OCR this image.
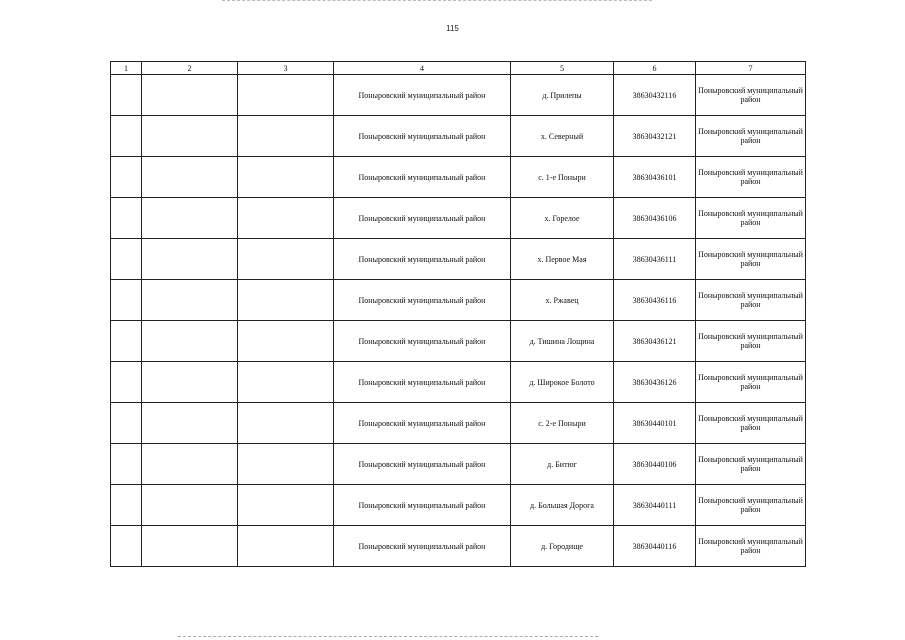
115
1	2	3	4	5	6	7
			Поныровский муниципальный район	д. Прилепы	38630432116	Поныровский муниципальный район
			Поныровский муниципальный район	х. Северный	38630432121	Поныровский муниципальный район
			Поныровский муниципальный район	с. 1-е Поныри	38630436101	Поныровский муниципальный район
			Поныровский муниципальный район	х. Горелое	38630436106	Поныровский муниципальный район
			Поныровский муниципальный район	х. Первое Мая	38630436111	Поныровский муниципальный район
			Поныровский муниципальный район	х. Ржавец	38630436116	Поныровский муниципальный район
			Поныровский муниципальный район	д. Тишина Лощина	38630436121	Поныровский муниципальный район
			Поныровский муниципальный район	д. Широкое Болото	38630436126	Поныровский муниципальный район
			Поныровский муниципальный район	с. 2-е Поныри	38630440101	Поныровский муниципальный район
			Поныровский муниципальный район	д. Битюг	38630440106	Поныровский муниципальный район
			Поныровский муниципальный район	д. Большая Дорога	38630440111	Поныровский муниципальный район
			Поныровский муниципальный район	д. Городище	38630440116	Поныровский муниципальный район
